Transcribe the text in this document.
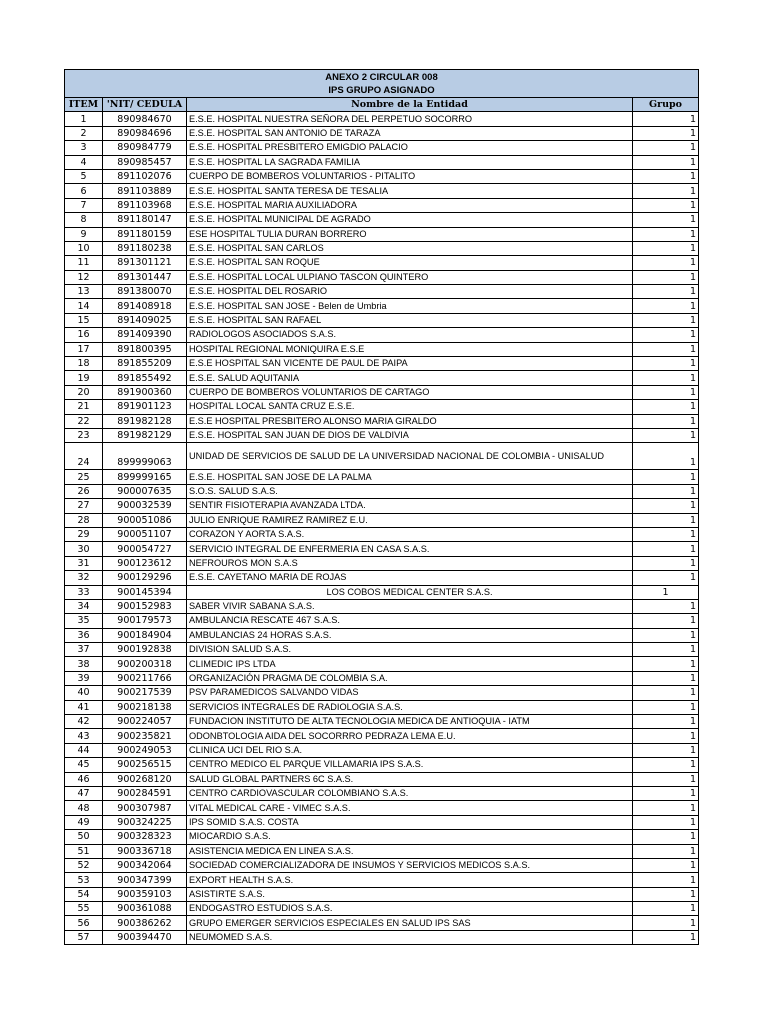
ANEXO 2 CIRCULAR 008			
IPS GRUPO ASIGNADO			
ITEM	'NIT/ CEDULA	Nombre de la Entidad	Grupo
1	890984670	E.S.E. HOSPITAL NUESTRA SEÑORA DEL PERPETUO SOCORRO	1
2	890984696	E.S.E. HOSPITAL SAN ANTONIO DE TARAZA	1
3	890984779	E.S.E. HOSPITAL PRESBITERO EMIGDIO PALACIO	1
4	890985457	E.S.E. HOSPITAL LA SAGRADA FAMILIA	1
5	891102076	CUERPO DE BOMBEROS VOLUNTARIOS - PITALITO	1
6	891103889	E.S.E. HOSPITAL SANTA TERESA DE TESALIA	1
7	891103968	E.S.E. HOSPITAL MARIA AUXILIADORA	1
8	891180147	E.S.E. HOSPITAL MUNICIPAL DE AGRADO	1
9	891180159	ESE HOSPITAL TULIA DURAN BORRERO	1
10	891180238	E.S.E. HOSPITAL SAN CARLOS	1
11	891301121	E.S.E. HOSPITAL SAN ROQUE	1
12	891301447	E.S.E. HOSPITAL LOCAL ULPIANO TASCON QUINTERO	1
13	891380070	E.S.E. HOSPITAL DEL ROSARIO	1
14	891408918	E.S.E. HOSPITAL SAN JOSE - Belen de Umbria	1
15	891409025	E.S.E. HOSPITAL SAN RAFAEL	1
16	891409390	RADIOLOGOS ASOCIADOS S.A.S.	1
17	891800395	HOSPITAL REGIONAL MONIQUIRA E.S.E	1
18	891855209	E.S.E HOSPITAL SAN VICENTE DE PAUL DE PAIPA	1
19	891855492	E.S.E. SALUD AQUITANIA	1
20	891900360	CUERPO DE BOMBEROS VOLUNTARIOS DE CARTAGO	1
21	891901123	HOSPITAL LOCAL SANTA CRUZ E.S.E.	1
22	891982128	E.S.E HOSPITAL PRESBITERO ALONSO MARIA GIRALDO	1
23	891982129	E.S.E. HOSPITAL SAN JUAN DE DIOS DE VALDIVIA	1
24	899999063	UNIDAD DE SERVICIOS DE SALUD DE LA UNIVERSIDAD NACIONAL DE COLOMBIA - UNISALUD	1
25	899999165	E.S.E. HOSPITAL SAN JOSE DE LA PALMA	1
26	900007635	S.O.S. SALUD S.A.S.	1
27	900032539	SENTIR FISIOTERAPIA AVANZADA LTDA.	1
28	900051086	JULIO ENRIQUE RAMIREZ RAMIREZ E.U.	1
29	900051107	CORAZON Y AORTA S.A.S.	1
30	900054727	SERVICIO INTEGRAL DE ENFERMERIA EN CASA S.A.S.	1
31	900123612	NEFROUROS MON S.A.S	1
32	900129296	E.S.E. CAYETANO MARIA DE ROJAS	1
33	900145394	LOS COBOS MEDICAL CENTER S.A.S.	1
34	900152983	SABER VIVIR SABANA S.A.S.	1
35	900179573	AMBULANCIA RESCATE 467 S.A.S.	1
36	900184904	AMBULANCIAS 24 HORAS S.A.S.	1
37	900192838	DIVISION SALUD S.A.S.	1
38	900200318	CLIMEDIC IPS LTDA	1
39	900211766	ORGANIZACIÓN PRAGMA DE COLOMBIA S.A.	1
40	900217539	PSV PARAMEDICOS SALVANDO VIDAS	1
41	900218138	SERVICIOS INTEGRALES DE RADIOLOGIA S.A.S.	1
42	900224057	FUNDACION INSTITUTO DE ALTA TECNOLOGIA MEDICA DE ANTIOQUIA - IATM	1
43	900235821	ODONBTOLOGIA AIDA DEL SOCORRRO PEDRAZA LEMA E.U.	1
44	900249053	CLINICA UCI DEL RIO S.A.	1
45	900256515	CENTRO MEDICO EL PARQUE VILLAMARIA IPS S.A.S.	1
46	900268120	SALUD GLOBAL PARTNERS 6C S.A.S.	1
47	900284591	CENTRO CARDIOVASCULAR COLOMBIANO S.A.S.	1
48	900307987	VITAL MEDICAL CARE - VIMEC S.A.S.	1
49	900324225	IPS SOMID S.A.S. COSTA	1
50	900328323	MIOCARDIO S.A.S.	1
51	900336718	ASISTENCIA MEDICA EN LINEA S.A.S.	1
52	900342064	SOCIEDAD COMERCIALIZADORA DE INSUMOS Y SERVICIOS MEDICOS S.A.S.	1
53	900347399	EXPORT HEALTH S.A.S.	1
54	900359103	ASISTIRTE S.A.S.	1
55	900361088	ENDOGASTRO ESTUDIOS S.A.S.	1
56	900386262	GRUPO EMERGER SERVICIOS ESPECIALES EN SALUD IPS SAS	1
57	900394470	NEUMOMED S.A.S.	1
